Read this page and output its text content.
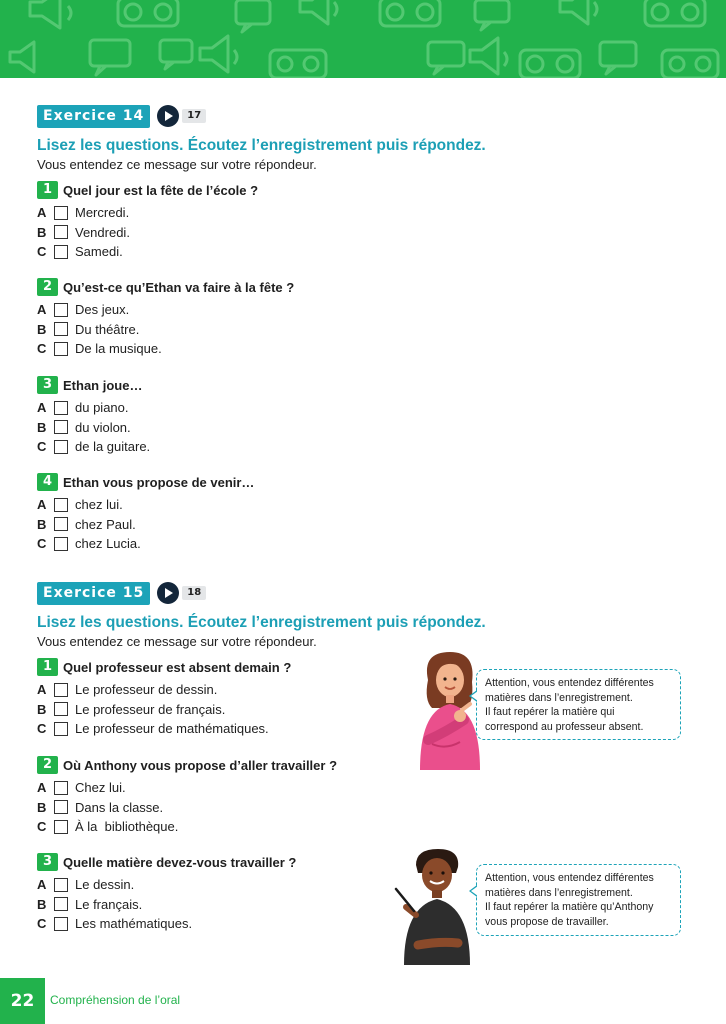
Exercice 14	17
Lisez les questions. Écoutez l’enregistrement puis répondez.
Vous entendez ce message sur votre répondeur.
1 Quel jour est la fête de l’école ?
A	Mercredi.
B	Vendredi.
C	Samedi.
2 Qu’est-ce qu’Ethan va faire à la fête ?
A	Des jeux.
B	Du théâtre.
C	De la musique.
3 Ethan joue…
A	du piano.
B	du violon.
C	de la guitare.
4 Ethan vous propose de venir…
A	chez lui.
B	chez Paul.
C	chez Lucia.
Exercice 15	18
Lisez les questions. Écoutez l’enregistrement puis répondez.
Vous entendez ce message sur votre répondeur.
1 Quel professeur est absent demain ?
A	Le professeur de dessin.
B	Le professeur de français.
C	Le professeur de mathématiques.
2 Où Anthony vous propose d’aller travailler ?
A	Chez lui.
B	Dans la classe.
C	À la  bibliothèque.
3 Quelle matière devez-vous travailler ?
A	Le dessin.
B	Le français.
C	Les mathématiques.

Attention, vous entendez différentes

matières dans l’enregistrement.

Il faut repérer la matière qui

correspond au professeur absent.

Attention, vous entendez différentes

matières dans l’enregistrement.

Il faut repérer la matière qu’Anthony

vous propose de travailler.

22	Compréhension de l’oral
